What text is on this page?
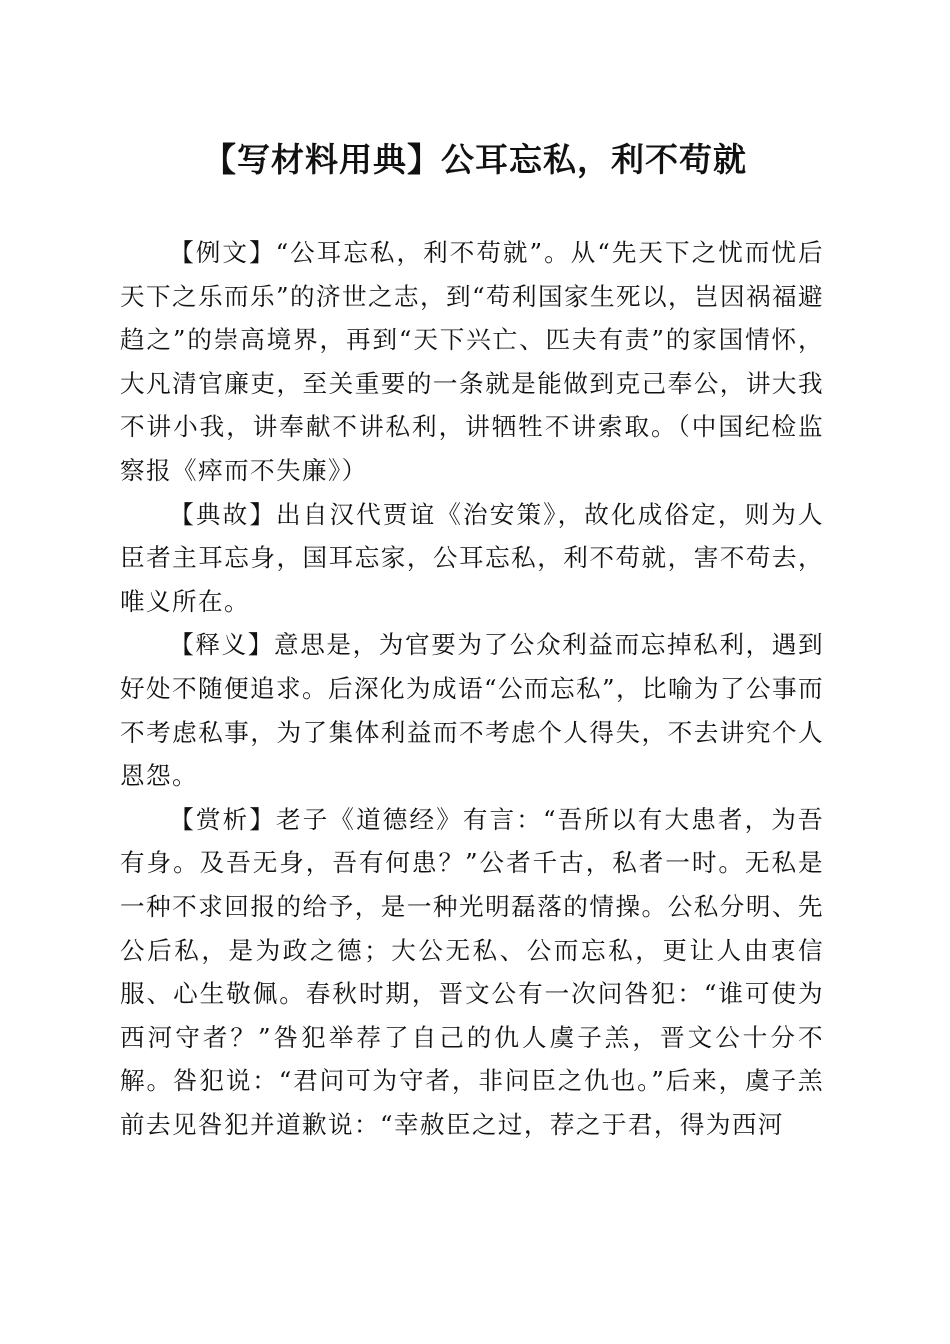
【写材料用典】公耳忘私，利不苟就

【例文】“公耳忘私，利不苟就”。从“先天下之忧而忧后天下之乐而乐”的济世之志，到“苟利国家生死以，岂因祸福避趋之”的崇高境界，再到“天下兴亡、匹夫有责”的家国情怀，大凡清官廉吏，至关重要的一条就是能做到克己奉公，讲大我不讲小我，讲奉献不讲私利，讲牺牲不讲索取。（中国纪检监察报《瘁而不失廉》）

【典故】出自汉代贾谊《治安策》，故化成俗定，则为人臣者主耳忘身，国耳忘家，公耳忘私，利不苟就，害不苟去，唯义所在。

【释义】意思是，为官要为了公众利益而忘掉私利，遇到好处不随便追求。后深化为成语“公而忘私”，比喻为了公事而不考虑私事，为了集体利益而不考虑个人得失，不去讲究个人恩怨。

【赏析】老子《道德经》有言：“吾所以有大患者，为吾有身。及吾无身，吾有何患？”公者千古，私者一时。无私是一种不求回报的给予，是一种光明磊落的情操。公私分明、先公后私，是为政之德；大公无私、公而忘私，更让人由衷信服、心生敬佩。春秋时期，晋文公有一次问咎犯：“谁可使为西河守者？”咎犯举荐了自己的仇人虞子羔，晋文公十分不解。咎犯说：“君问可为守者，非问臣之仇也。”后来，虞子羔前去见咎犯并道歉说：“幸赦臣之过，荐之于君，得为西河
